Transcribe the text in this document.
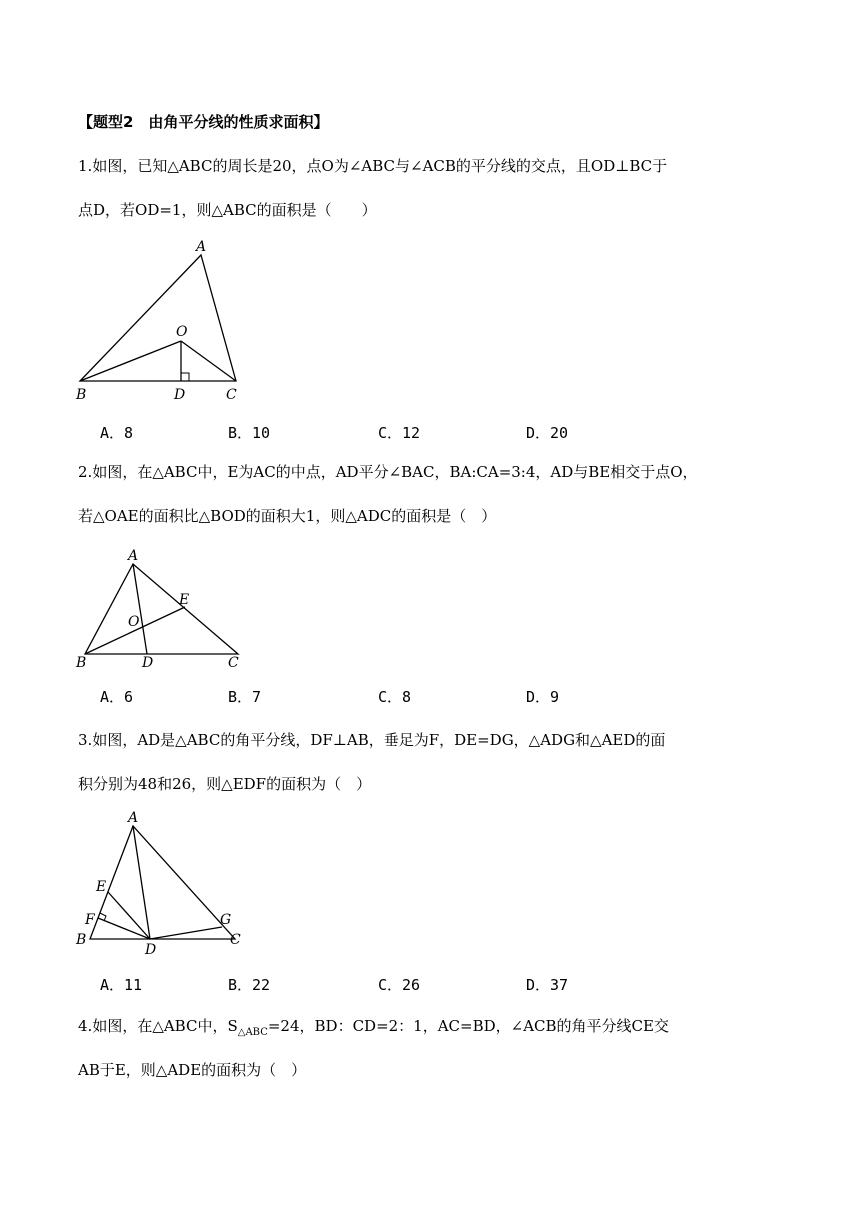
【题型2　由角平分线的性质求面积】
1.如图，已知△ABC的周长是20，点O为∠ABC与∠ACB的平分线的交点，且OD⊥BC于
点D，若OD=1，则△ABC的面积是（　　）
A
O
B	D	C
A．8	B．10	C．12	D．20
2.如图，在△ABC中，E为AC的中点，AD平分∠BAC，BA:CA=3:4，AD与BE相交于点O，
若△OAE的面积比△BOD的面积大1，则△ADC的面积是（　）
A
E
O
B	D	C
A．6	B．7	C．8	D．9
3.如图，AD是△ABC的角平分线，DF⊥AB，垂足为F，DE=DG，△ADG和△AED的面
积分别为48和26，则△EDF的面积为（　）
A
E
F
B
D
G
C
A．11	B．22	C．26	D．37
4.如图，在△ABC中，$S_{\triangle ABC}=24$，BD：CD=2：1，AC=BD，∠ACB的角平分线CE交
AB于E，则△ADE的面积为（　）
